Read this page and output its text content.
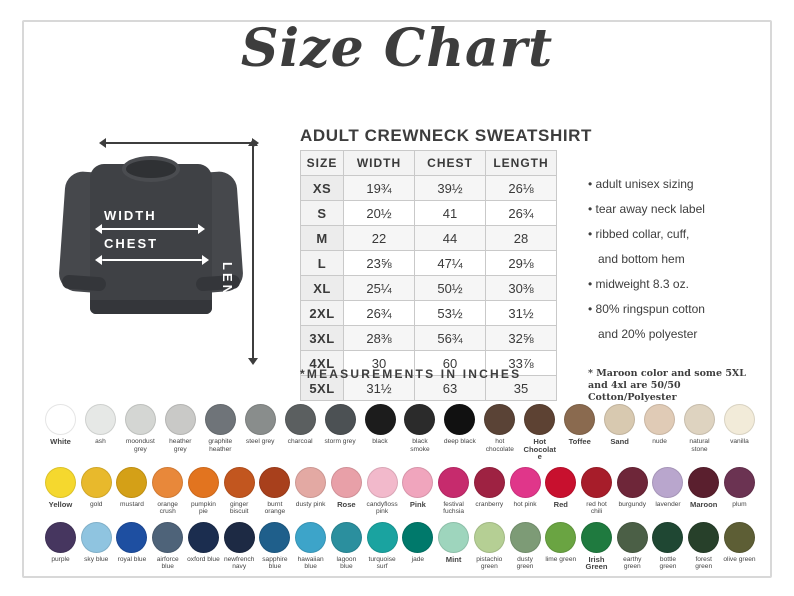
Size Chart
WIDTH
CHEST
LENGTH
ADULT CREWNECK SWEATSHIRT
SIZE	WIDTH	CHEST	LENGTH
XS	19¾	39½	26⅛
S	20½	41	26¾
M	22	44	28
L	23⅝	47¼	29⅛
XL	25¼	50½	30⅜
2XL	26¾	53½	31½
3XL	28⅜	56¾	32⅝
4XL	30	60	33⅞
5XL	31½	63	35
*MEASUREMENTS IN INCHES
• adult unisex sizing
• tear away neck label
• ribbed collar, cuff,
and bottom hem
• midweight 8.3 oz.
• 80% ringspun cotton
and 20% polyester
* Maroon color and some 5XL and 4xl are 50/50 Cotton/Polyester
White	ash	moondust grey
heather grey
graphite heather
steel grey	charcoal	storm grey	black	black smoke
deep black	hot chocolate
Hot Chocolate
Toffee	Sand	nude	natural stone
vanilla
Yellow	gold	mustard	orange crush
pumpkin pie
ginger biscuit
burnt orange
dusty pink	Rose	candyfloss pink
Pink	festival fuchsia
cranberry	hot pink	Red	red hot chili
burgundy	lavender	Maroon	plum
purple	sky blue	royal blue	airforce blue
oxford blue newfrench navy
sapphire blue
hawaiian blue
lagoon blue
turquoise surf
jade	Mint	pistachio green
dusty green
lime green	Irish Green
earthy green
bottle green
forest green
olive green
